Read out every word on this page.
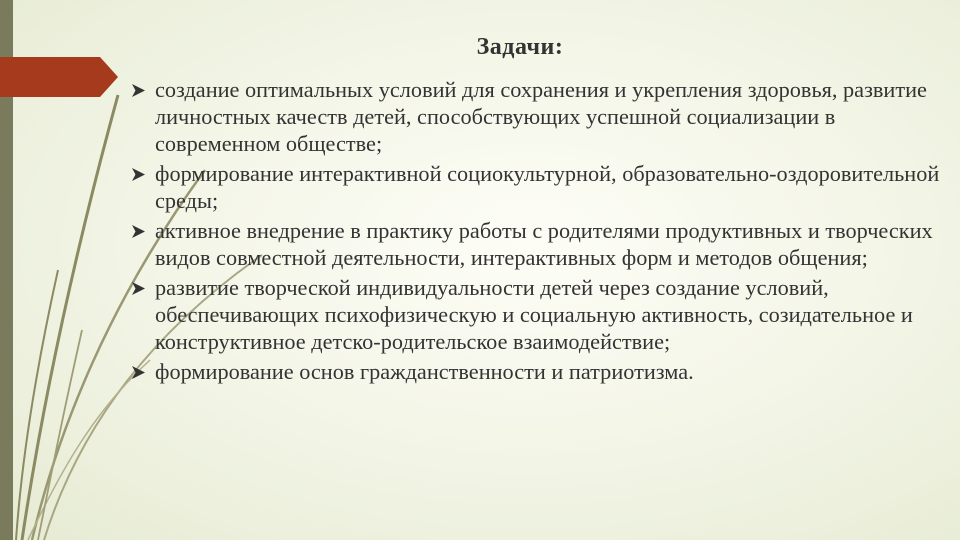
Задачи:
создание оптимальных условий для сохранения и укрепления здоровья, развитие личностных качеств детей, способствующих успешной социализации в современном обществе;
формирование интерактивной социокультурной, образовательно-оздоровительной среды;
активное внедрение в практику работы с родителями продуктивных и творческих видов совместной деятельности, интерактивных форм и методов общения;
развитие творческой индивидуальности детей через создание условий, обеспечивающих психофизическую и социальную активность, созидательное и конструктивное детско-родительское взаимодействие;
формирование основ гражданственности и патриотизма.
